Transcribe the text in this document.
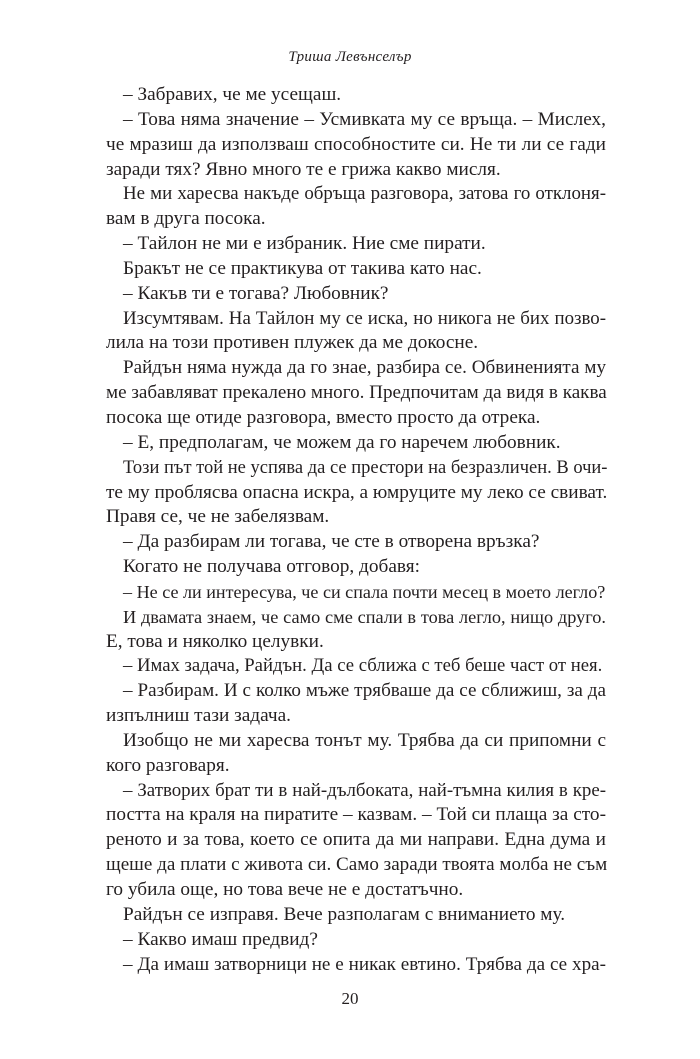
Триша Левънселър
– Забравих, че ме усещаш.
– Това няма значение – Усмивката му се връща. – Мислех,
че мразиш да използваш способностите си. Не ти ли се гади
заради тях? Явно много те е грижа какво мисля.
Не ми харесва накъде обръща разговора, затова го отклоня-
вам в друга посока.
– Тайлон не ми е избраник. Ние сме пирати.
Бракът не се практикува от такива като нас.
– Какъв ти е тогава? Любовник?
Изсумтявам. На Тайлон му се иска, но никога не бих позво-
лила на този противен плужек да ме докосне.
Райдън няма нужда да го знае, разбира се. Обвиненията му
ме забавляват прекалено много. Предпочитам да видя в каква
посока ще отиде разговора, вместо просто да отрека.
– Е, предполагам, че можем да го наречем любовник.
Този път той не успява да се престори на безразличен. В очи-
те му проблясва опасна искра, а юмруците му леко се свиват.
Правя се, че не забелязвам.
– Да разбирам ли тогава, че сте в отворена връзка?
Когато не получава отговор, добавя:
– Не се ли интересува, че си спала почти месец в моето легло?
И двамата знаем, че само сме спали в това легло, нищо друго.
Е, това и няколко целувки.
– Имах задача, Райдън. Да се сближа с теб беше част от нея.
– Разбирам. И с колко мъже трябваше да се сближиш, за да
изпълниш тази задача.
Изобщо не ми харесва тонът му. Трябва да си припомни с
кого разговаря.
– Затворих брат ти в най-дълбоката, най-тъмна килия в кре-
постта на краля на пиратите – казвам. – Той си плаща за сто-
реното и за това, което се опита да ми направи. Една дума и
щеше да плати с живота си. Само заради твоята молба не съм
го убила още, но това вече не е достатъчно.
Райдън се изправя. Вече разполагам с вниманието му.
– Какво имаш предвид?
– Да имаш затворници не е никак евтино. Трябва да се хра-
20
